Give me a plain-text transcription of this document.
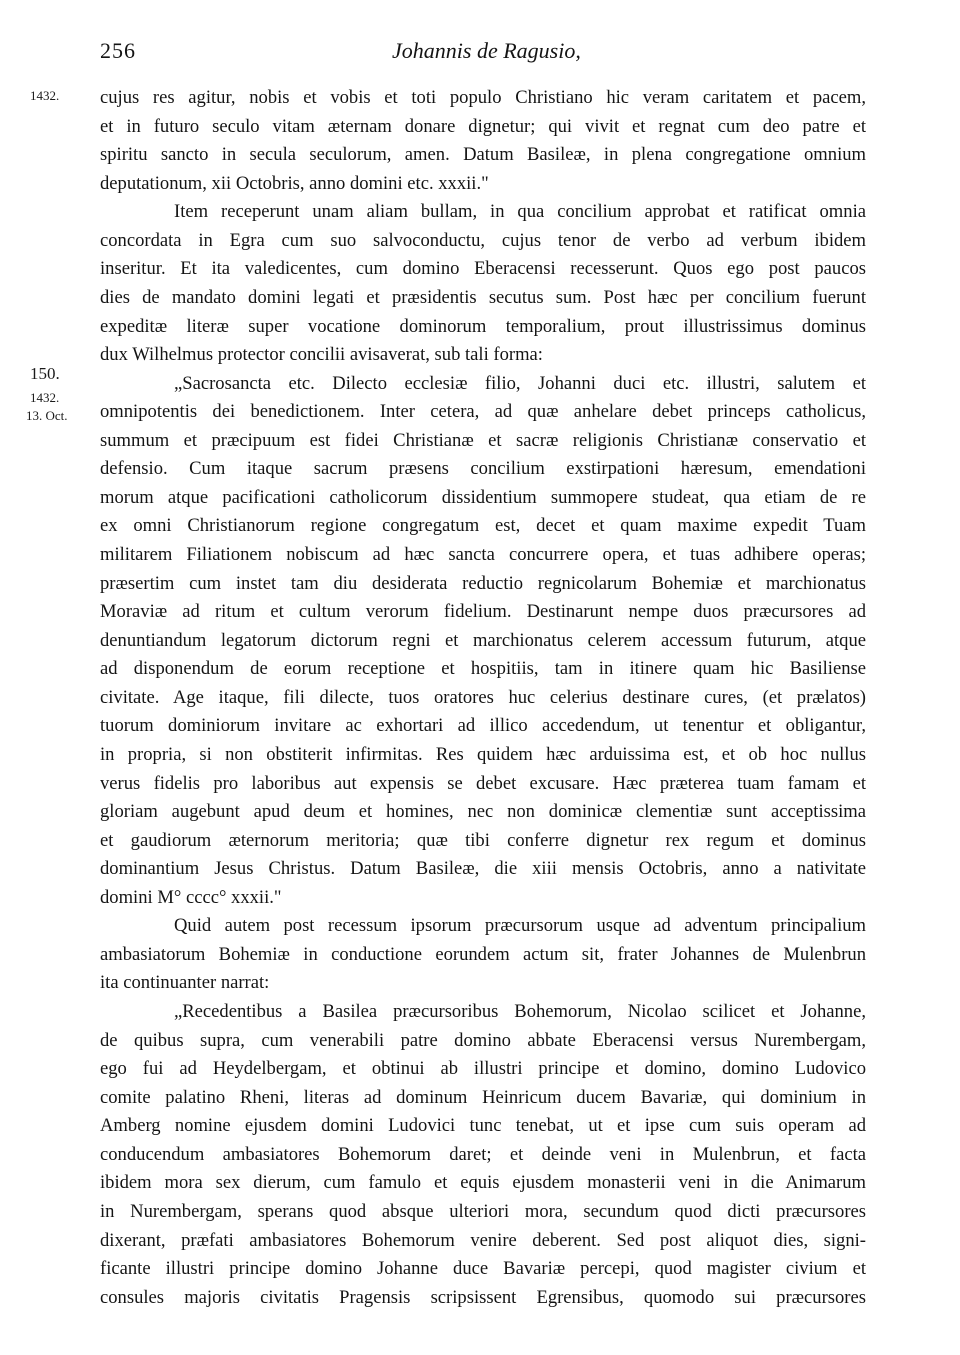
256	Johannis de Ragusio,
1432.
150.
1432.
13. Oct.
cujus res agitur, nobis et vobis et toti populo Christiano hic veram caritatem et pacem,
et in futuro seculo vitam æternam donare dignetur; qui vivit et regnat cum deo patre et
spiritu sancto in secula seculorum, amen. Datum Basileæ, in plena congregatione omnium
deputationum, xii Octobris, anno domini etc. xxxii."
Item receperunt unam aliam bullam, in qua concilium approbat et ratificat omnia
concordata in Egra cum suo salvoconductu, cujus tenor de verbo ad verbum ibidem
inseritur. Et ita valedicentes, cum domino Eberacensi recesserunt. Quos ego post paucos
dies de mandato domini legati et præsidentis secutus sum. Post hæc per concilium fuerunt
expeditæ literæ super vocatione dominorum temporalium, prout illustrissimus dominus
dux Wilhelmus protector concilii avisaverat, sub tali forma:
„Sacrosancta etc. Dilecto ecclesiæ filio, Johanni duci etc. illustri, salutem et
omnipotentis dei benedictionem. Inter cetera, ad quæ anhelare debet princeps catholicus,
summum et præcipuum est fidei Christianæ et sacræ religionis Christianæ conservatio et
defensio. Cum itaque sacrum præsens concilium exstirpationi hæresum, emendationi
morum atque pacificationi catholicorum dissidentium summopere studeat, qua etiam de re
ex omni Christianorum regione congregatum est, decet et quam maxime expedit Tuam
militarem Filiationem nobiscum ad hæc sancta concurrere opera, et tuas adhibere operas;
præsertim cum instet tam diu desiderata reductio regnicolarum Bohemiæ et marchionatus
Moraviæ ad ritum et cultum verorum fidelium. Destinarunt nempe duos præcursores ad
denuntiandum legatorum dictorum regni et marchionatus celerem accessum futurum, atque
ad disponendum de eorum receptione et hospitiis, tam in itinere quam hic Basiliense
civitate. Age itaque, fili dilecte, tuos oratores huc celerius destinare cures, (et prælatos)
tuorum dominiorum invitare ac exhortari ad illico accedendum, ut tenentur et obligantur,
in propria, si non obstiterit infirmitas. Res quidem hæc arduissima est, et ob hoc nullus
verus fidelis pro laboribus aut expensis se debet excusare. Hæc præterea tuam famam et
gloriam augebunt apud deum et homines, nec non dominicæ clementiæ sunt acceptissima
et gaudiorum æternorum meritoria; quæ tibi conferre dignetur rex regum et dominus
dominantium Jesus Christus. Datum Basileæ, die xiii mensis Octobris, anno a nativitate
domini M° cccc° xxxii."
Quid autem post recessum ipsorum præcursorum usque ad adventum principalium
ambasiatorum Bohemiæ in conductione eorundem actum sit, frater Johannes de Mulenbrun
ita continuanter narrat:
„Recedentibus a Basilea præcursoribus Bohemorum, Nicolao scilicet et Johanne,
de quibus supra, cum venerabili patre domino abbate Eberacensi versus Nurembergam,
ego fui ad Heydelbergam, et obtinui ab illustri principe et domino, domino Ludovico
comite palatino Rheni, literas ad dominum Heinricum ducem Bavariæ, qui dominium in
Amberg nomine ejusdem domini Ludovici tunc tenebat, ut et ipse cum suis operam ad
conducendum ambasiatores Bohemorum daret; et deinde veni in Mulenbrun, et facta
ibidem mora sex dierum, cum famulo et equis ejusdem monasterii veni in die Animarum
in Nurembergam, sperans quod absque ulteriori mora, secundum quod dicti præcursores
dixerant, præfati ambasiatores Bohemorum venire deberent. Sed post aliquot dies, signi-
ficante illustri principe domino Johanne duce Bavariæ percepi, quod magister civium et
consules majoris civitatis Pragensis scripsissent Egrensibus, quomodo sui præcursores
